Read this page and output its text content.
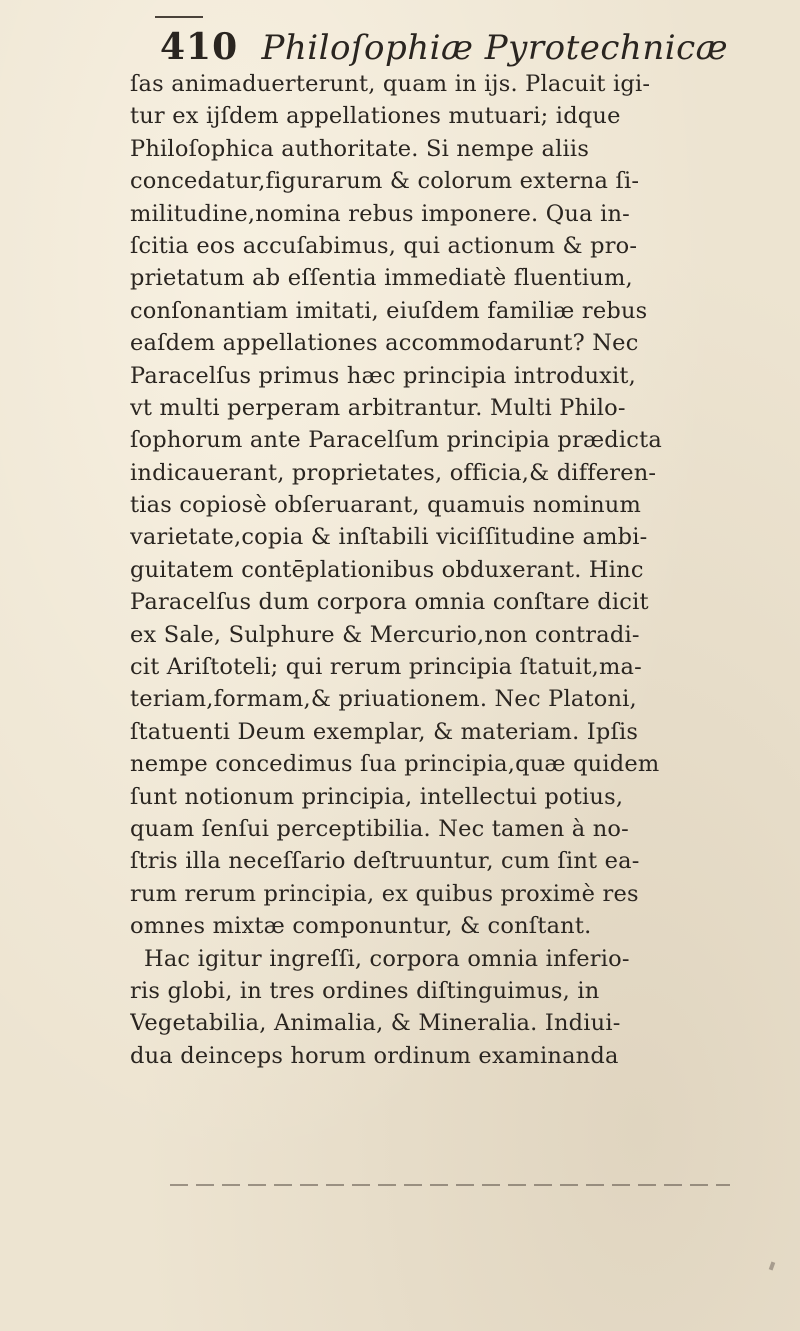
410 Philoſophiæ Pyrotechnicæ
ſas animaduerterunt, quam in ijs. Placuit igi-
tur ex ijſdem appellationes mutuari; idque
Philoſophica authoritate. Si nempe aliis
concedatur,figurarum & colorum externa ſi-
militudine,nomina rebus imponere. Qua in-
ſcitia eos accuſabimus, qui actionum & pro-
prietatum ab eſſentia immediatè fluentium,
conſonantiam imitati, eiuſdem familiæ rebus
eaſdem appellationes accommodarunt? Nec
Paracelſus primus hæc principia introduxit,
vt multi perperam arbitrantur. Multi Philo-
ſophorum ante Paracelſum principia prædicta
indicauerant, proprietates, officia,& differen-
tias copiosè obſeruarant, quamuis nominum
varietate,copia & inſtabili viciſſitudine ambi-
guitatem contēplationibus obduxerant. Hinc
Paracelſus dum corpora omnia conſtare dicit
ex Sale, Sulphure & Mercurio,non contradi-
cit Ariſtoteli; qui rerum principia ſtatuit,ma-
teriam,formam,& priuationem. Nec Platoni,
ſtatuenti Deum exemplar, & materiam. Ipſis
nempe concedimus ſua principia,quæ quidem
ſunt notionum principia, intellectui potius,
quam ſenſui perceptibilia. Nec tamen à no-
ſtris illa neceſſario deſtruuntur, cum ſint ea-
rum rerum principia, ex quibus proximè res
omnes mixtæ componuntur, & conſtant.
Hac igitur ingreſſi, corpora omnia inferio-
ris globi, in tres ordines diſtinguimus, in
Vegetabilia, Animalia, & Mineralia. Indiui-
dua deinceps horum ordinum examinanda
